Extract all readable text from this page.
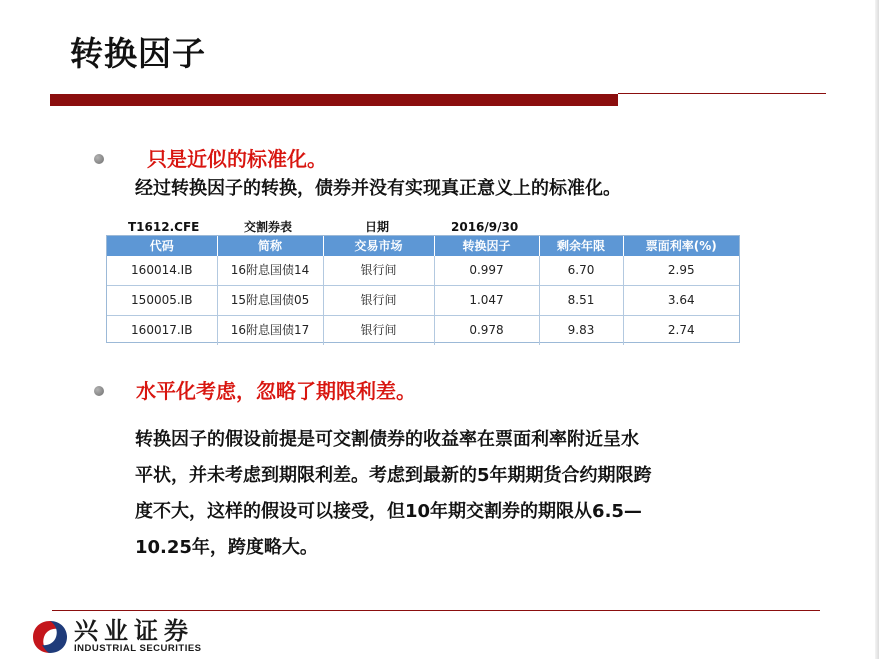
转换因子
只是近似的标准化。
经过转换因子的转换，债券并没有实现真正意义上的标准化。
T1612.CFE	交割券表	日期	2016/9/30
代码	简称	交易市场	转换因子	剩余年限	票面利率(%)
160014.IB	16附息国债14	银行间	0.997	6.70	2.95
150005.IB	15附息国债05	银行间	1.047	8.51	3.64
160017.IB	16附息国债17	银行间	0.978	9.83	2.74
水平化考虑，忽略了期限利差。

转换因子的假设前提是可交割债券的收益率在票面利率附近呈水

平状，并未考虑到期限利差。考虑到最新的5年期期货合约期限跨

度不大，这样的假设可以接受，但10年期交割券的期限从6.5—

10.25年，跨度略大。

兴业证券
INDUSTRIAL SECURITIES
